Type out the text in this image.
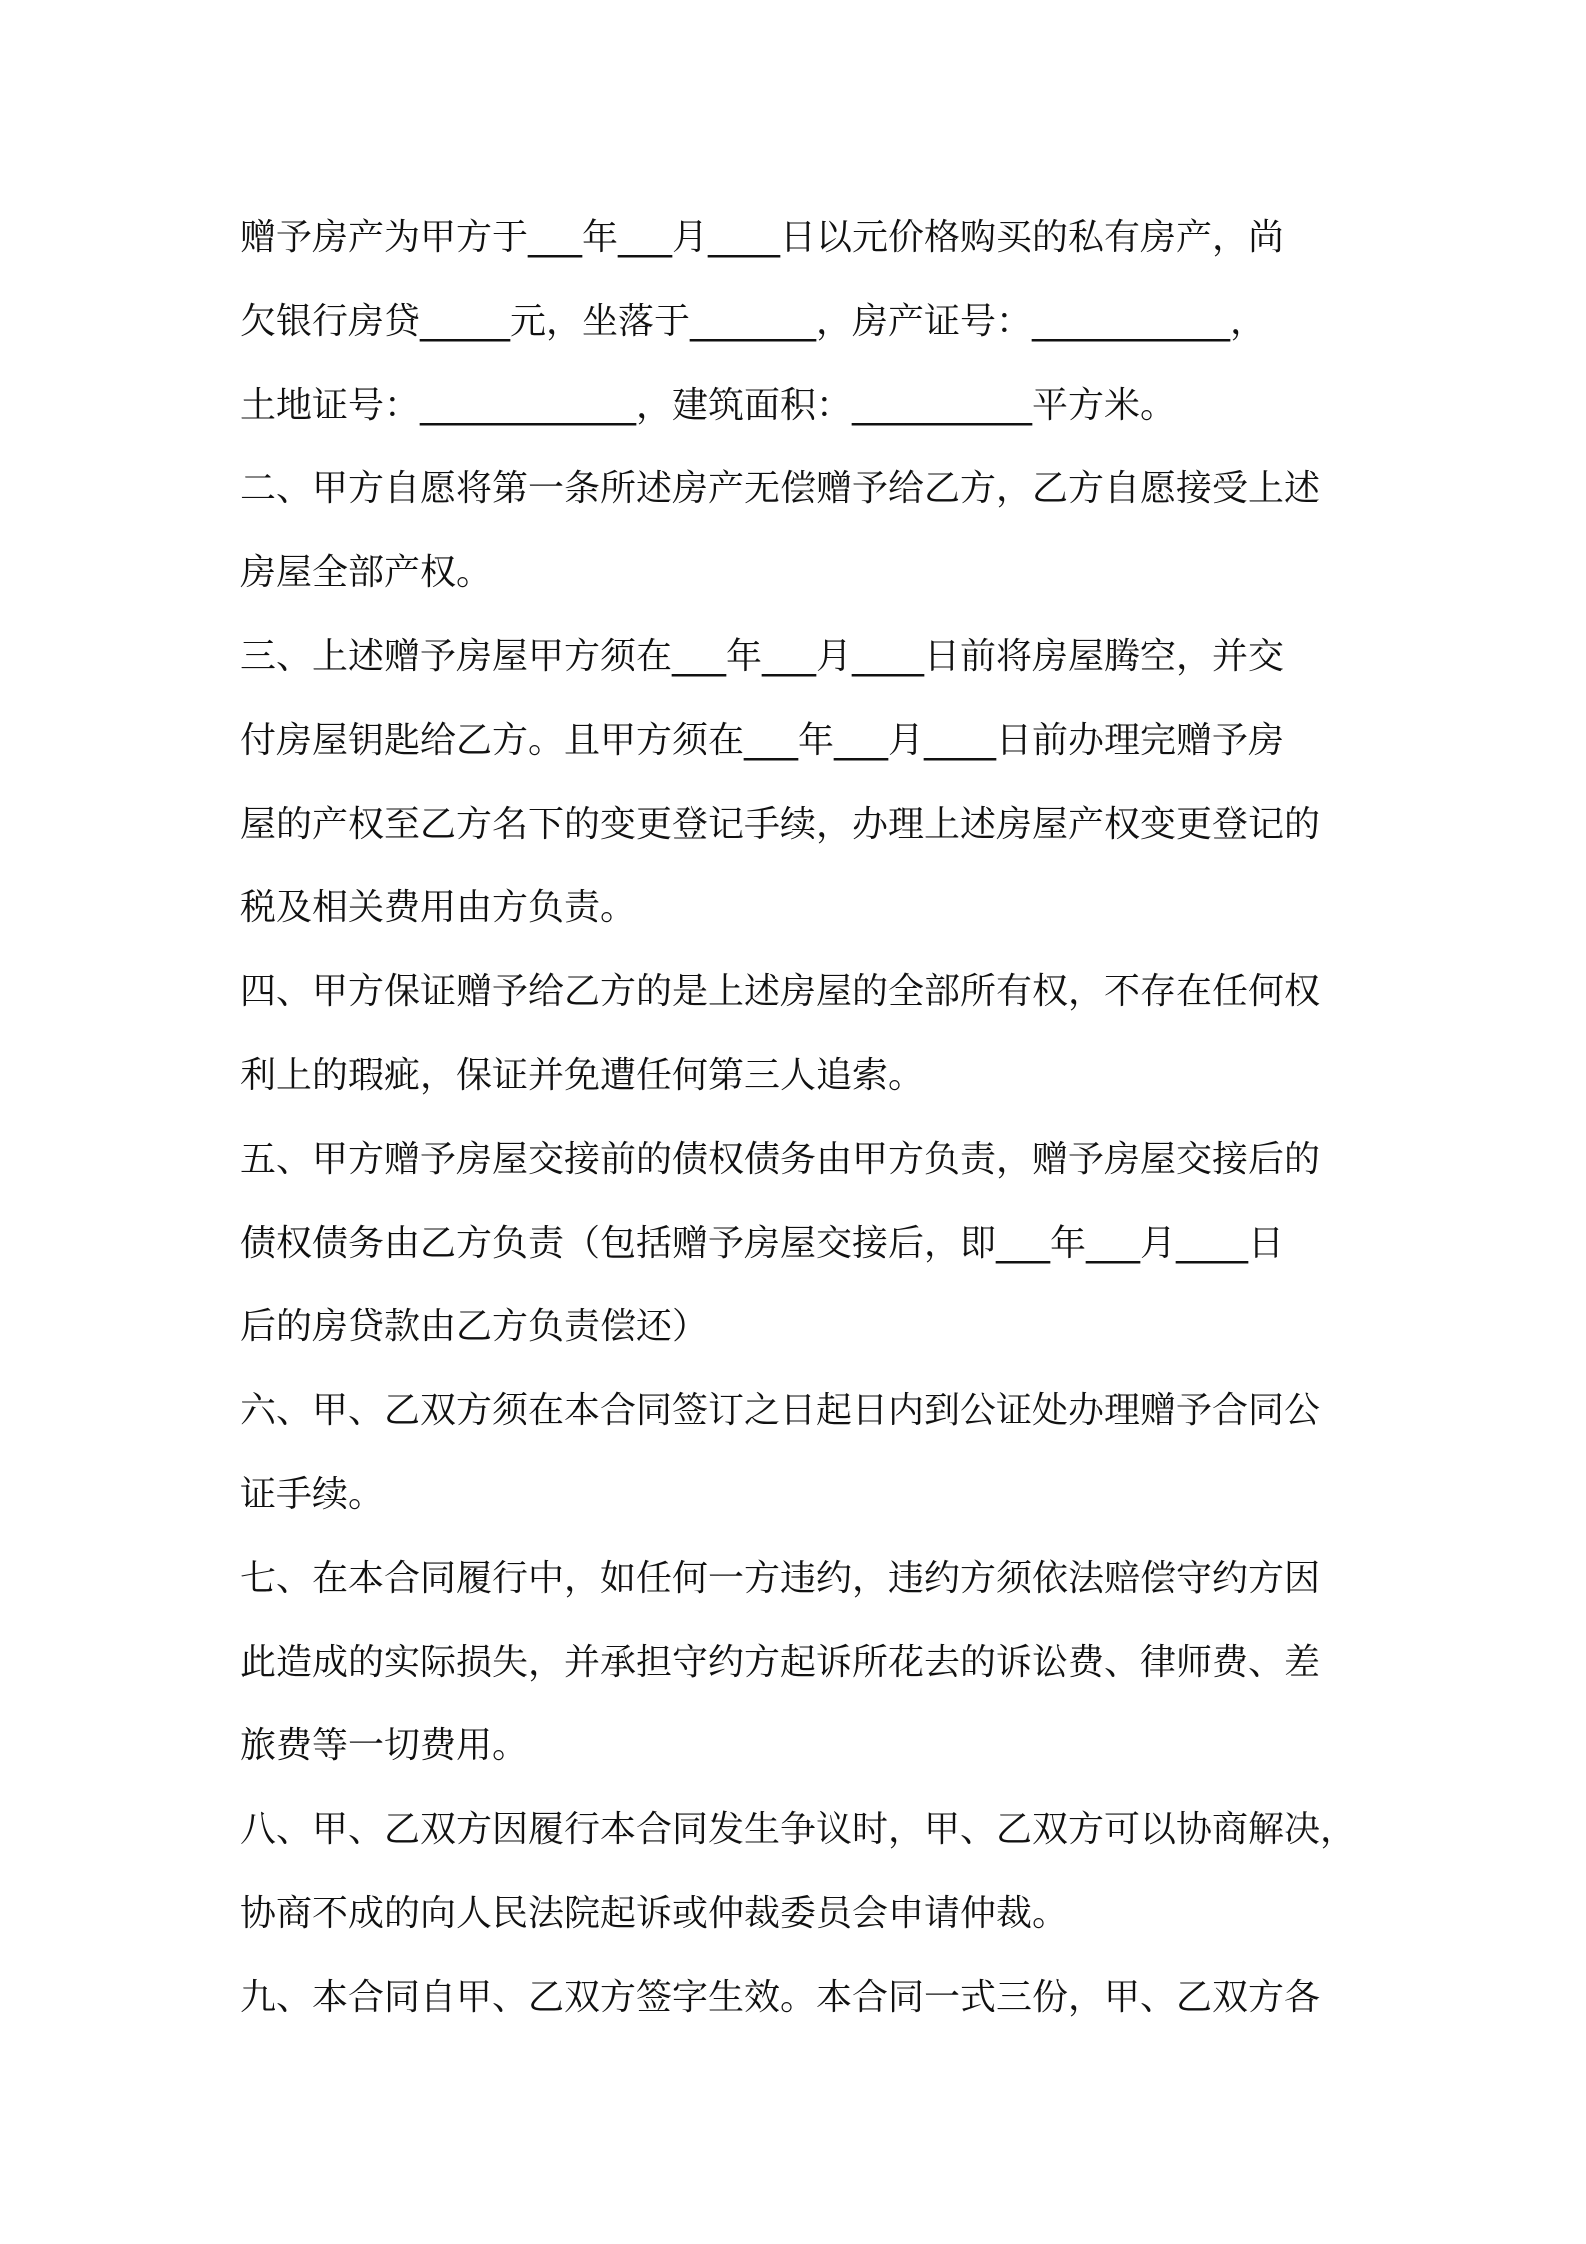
赠予房产为甲方于___年___月____日以元价格购买的私有房产，尚
欠银行房贷_____元，坐落于_______，房产证号：___________，
土地证号：____________，建筑面积：__________平方米。
二、甲方自愿将第一条所述房产无偿赠予给乙方，乙方自愿接受上述
房屋全部产权。
三、上述赠予房屋甲方须在___年___月____日前将房屋腾空，并交
付房屋钥匙给乙方。且甲方须在___年___月____日前办理完赠予房
屋的产权至乙方名下的变更登记手续，办理上述房屋产权变更登记的
税及相关费用由方负责。
四、甲方保证赠予给乙方的是上述房屋的全部所有权，不存在任何权
利上的瑕疵，保证并免遭任何第三人追索。
五、甲方赠予房屋交接前的债权债务由甲方负责，赠予房屋交接后的
债权债务由乙方负责（包括赠予房屋交接后，即___年___月____日
后的房贷款由乙方负责偿还）
六、甲、乙双方须在本合同签订之日起日内到公证处办理赠予合同公
证手续。
七、在本合同履行中，如任何一方违约，违约方须依法赔偿守约方因
此造成的实际损失，并承担守约方起诉所花去的诉讼费、律师费、差
旅费等一切费用。
八、甲、乙双方因履行本合同发生争议时，甲、乙双方可以协商解决，
协商不成的向人民法院起诉或仲裁委员会申请仲裁。
九、本合同自甲、乙双方签字生效。本合同一式三份，甲、乙双方各
